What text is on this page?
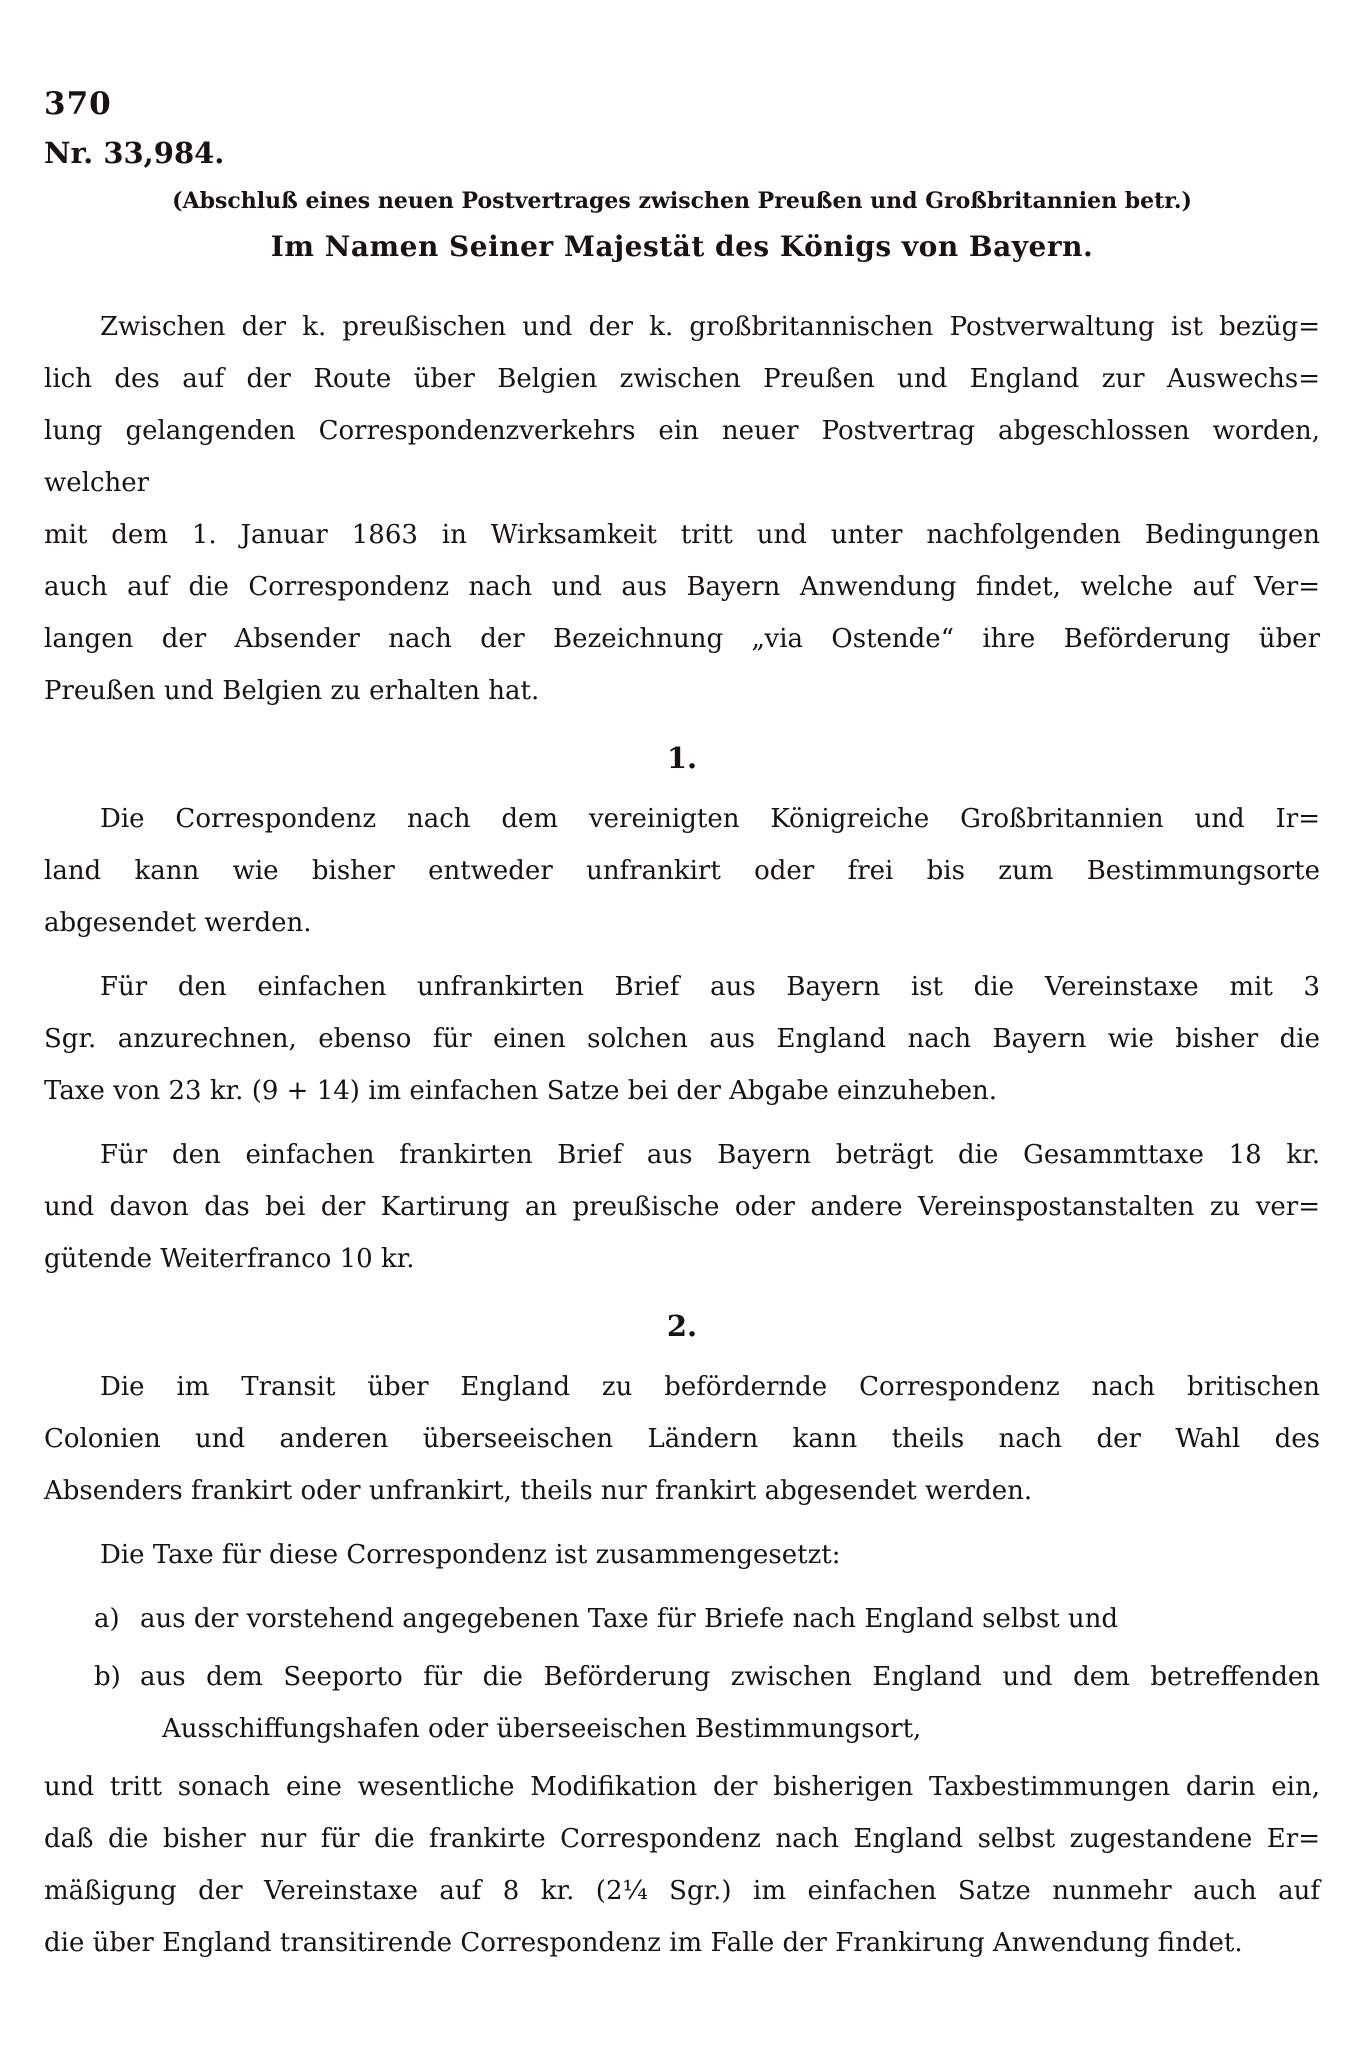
370
Nr. 33,984.
(Abschluß eines neuen Postvertrages zwischen Preußen und Großbritannien betr.)
Im Namen Seiner Majestät des Königs von Bayern.
Zwischen der k. preußischen und der k. großbritannischen Postverwaltung ist bezüg=
lich des auf der Route über Belgien zwischen Preußen und England zur Auswechs=
lung gelangenden Correspondenzverkehrs ein neuer Postvertrag abgeschlossen worden, welcher
mit dem 1. Januar 1863 in Wirksamkeit tritt und unter nachfolgenden Bedingungen
auch auf die Correspondenz nach und aus Bayern Anwendung findet, welche auf Ver=
langen der Absender nach der Bezeichnung „via Ostende“ ihre Beförderung über
Preußen und Belgien zu erhalten hat.
1.
Die Correspondenz nach dem vereinigten Königreiche Großbritannien und Ir=
land kann wie bisher entweder unfrankirt oder frei bis zum Bestimmungsorte
abgesendet werden.
Für den einfachen unfrankirten Brief aus Bayern ist die Vereinstaxe mit 3
Sgr. anzurechnen, ebenso für einen solchen aus England nach Bayern wie bisher die
Taxe von 23 kr. (9 + 14) im einfachen Satze bei der Abgabe einzuheben.
Für den einfachen frankirten Brief aus Bayern beträgt die Gesammttaxe 18 kr.
und davon das bei der Kartirung an preußische oder andere Vereinspostanstalten zu ver=
gütende Weiterfranco 10 kr.
2.
Die im Transit über England zu befördernde Correspondenz nach britischen
Colonien und anderen überseeischen Ländern kann theils nach der Wahl des
Absenders frankirt oder unfrankirt, theils nur frankirt abgesendet werden.
Die Taxe für diese Correspondenz ist zusammengesetzt:
a) aus der vorstehend angegebenen Taxe für Briefe nach England selbst und
b) aus dem Seeporto für die Beförderung zwischen England und dem betreffenden
Ausschiffungshafen oder überseeischen Bestimmungsort,
und tritt sonach eine wesentliche Modifikation der bisherigen Taxbestimmungen darin ein,
daß die bisher nur für die frankirte Correspondenz nach England selbst zugestandene Er=
mäßigung der Vereinstaxe auf 8 kr. (2¼ Sgr.) im einfachen Satze nunmehr auch auf
die über England transitirende Correspondenz im Falle der Frankirung Anwendung findet.
